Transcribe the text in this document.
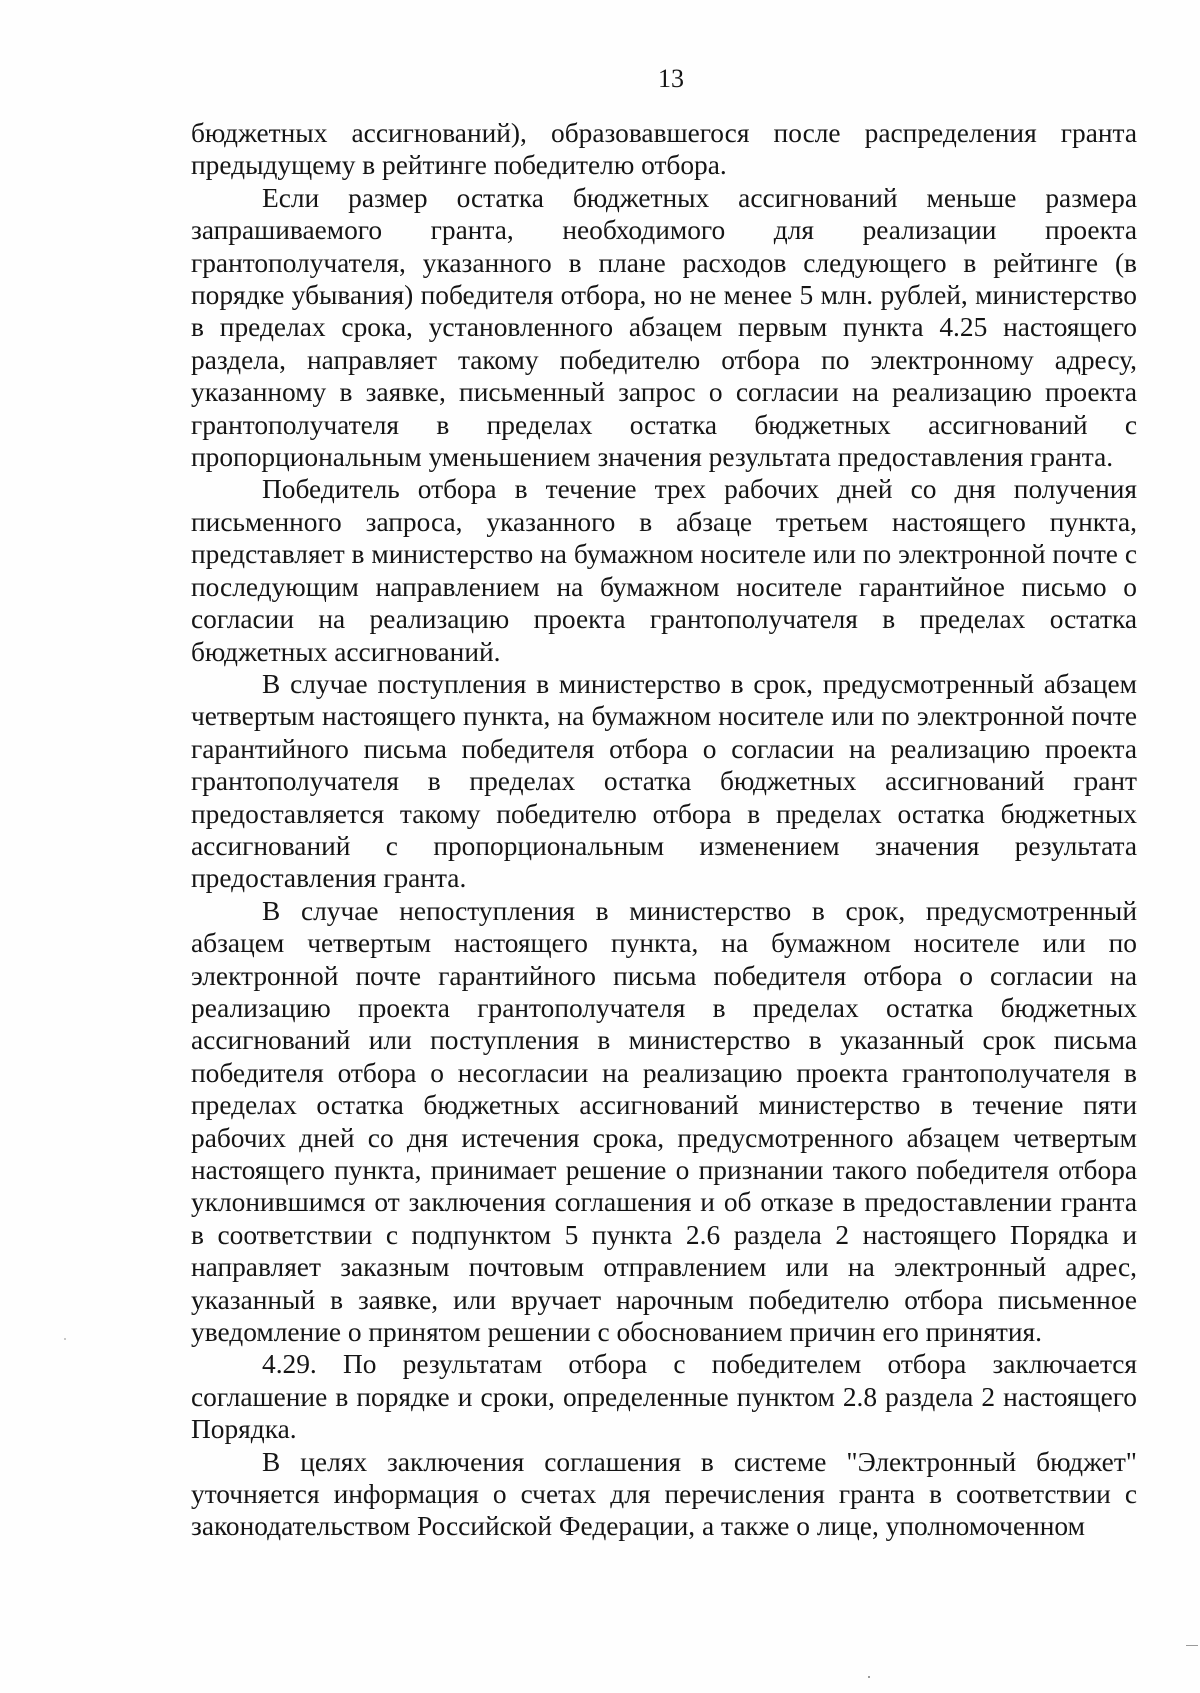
13

бюджетных ассигнований), образовавшегося после распределения гранта предыдущему в рейтинге победителю отбора.

Если размер остатка бюджетных ассигнований меньше размера запрашиваемого гранта, необходимого для реализации проекта грантополучателя, указанного в плане расходов следующего в рейтинге (в порядке убывания) победителя отбора, но не менее 5 млн. рублей, министерство в пределах срока, установленного абзацем первым пункта 4.25 настоящего раздела, направляет такому победителю отбора по электронному адресу, указанному в заявке, письменный запрос о согласии на реализацию проекта грантополучателя в пределах остатка бюджетных ассигнований с пропорциональным уменьшением значения результата предоставления гранта.

Победитель отбора в течение трех рабочих дней со дня получения письменного запроса, указанного в абзаце третьем настоящего пункта, представляет в министерство на бумажном носителе или по электронной почте с последующим направлением на бумажном носителе гарантийное письмо о согласии на реализацию проекта грантополучателя в пределах остатка бюджетных ассигнований.

В случае поступления в министерство в срок, предусмотренный абзацем четвертым настоящего пункта, на бумажном носителе или по электронной почте гарантийного письма победителя отбора о согласии на реализацию проекта грантополучателя в пределах остатка бюджетных ассигнований грант предоставляется такому победителю отбора в пределах остатка бюджетных ассигнований с пропорциональным изменением значения результата предоставления гранта.

В случае непоступления в министерство в срок, предусмотренный абзацем четвертым настоящего пункта, на бумажном носителе или по электронной почте гарантийного письма победителя отбора о согласии на реализацию проекта грантополучателя в пределах остатка бюджетных ассигнований или поступления в министерство в указанный срок письма победителя отбора о несогласии на реализацию проекта грантополучателя в пределах остатка бюджетных ассигнований министерство в течение пяти рабочих дней со дня истечения срока, предусмотренного абзацем четвертым настоящего пункта, принимает решение о признании такого победителя отбора уклонившимся от заключения соглашения и об отказе в предоставлении гранта в соответствии с подпунктом 5 пункта 2.6 раздела 2 настоящего Порядка и направляет заказным почтовым отправлением или на электронный адрес, указанный в заявке, или вручает нарочным победителю отбора письменное уведомление о принятом решении с обоснованием причин его принятия.

4.29. По результатам отбора с победителем отбора заключается соглашение в порядке и сроки, определенные пунктом 2.8 раздела 2 настоящего Порядка.

В целях заключения соглашения в системе "Электронный бюджет" уточняется информация о счетах для перечисления гранта в соответствии с законодательством Российской Федерации, а также о лице, уполномоченном
